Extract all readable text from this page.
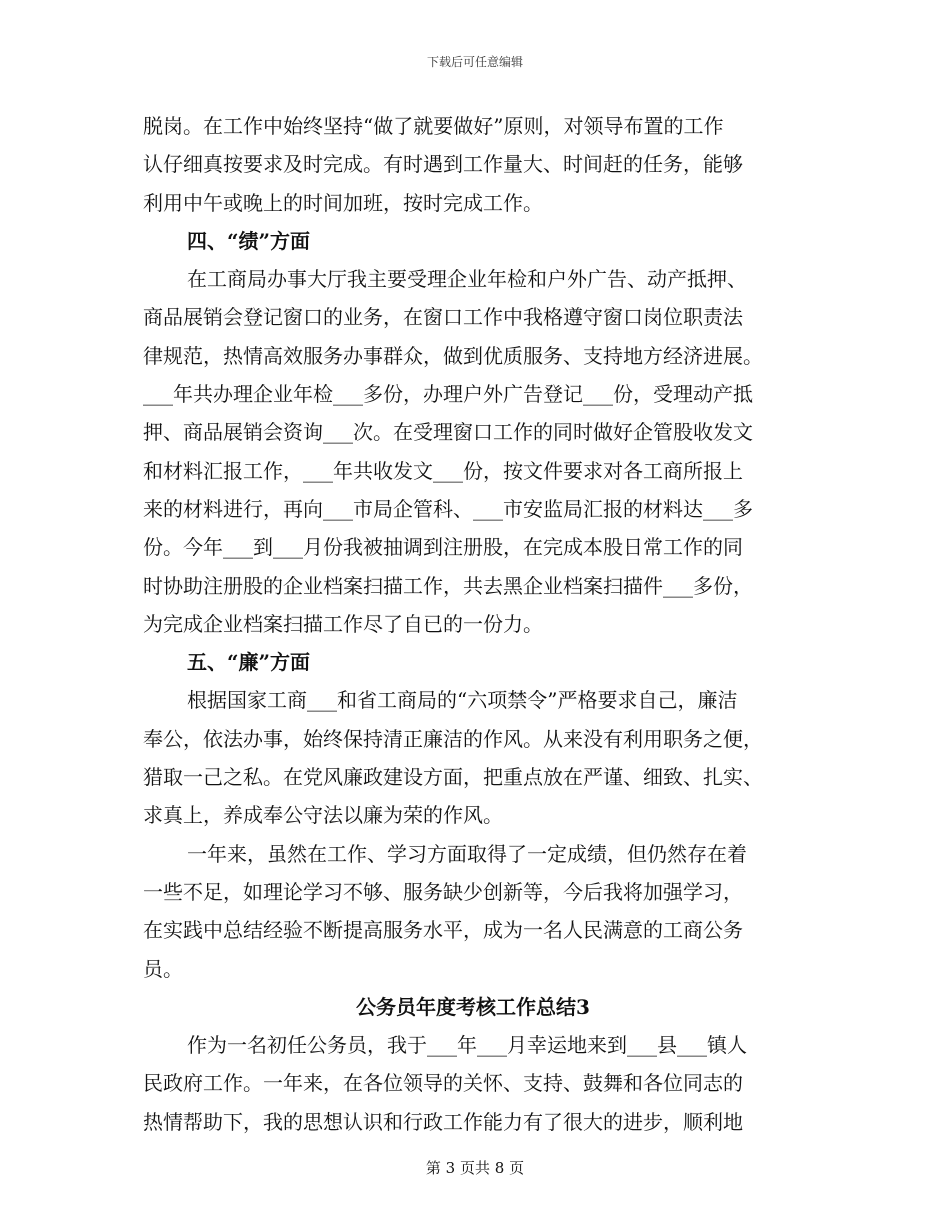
下载后可任意编辑
脱岗。在工作中始终坚持“做了就要做好”原则，对领导布置的工作
认仔细真按要求及时完成。有时遇到工作量大、时间赶的任务，能够
利用中午或晚上的时间加班，按时完成工作。
四、“绩”方面
在工商局办事大厅我主要受理企业年检和户外广告、动产抵押、
商品展销会登记窗口的业务，在窗口工作中我格遵守窗口岗位职责法
律规范，热情高效服务办事群众，做到优质服务、支持地方经济进展。
___年共办理企业年检___多份，办理户外广告登记___份，受理动产抵
押、商品展销会资询___次。在受理窗口工作的同时做好企管股收发文
和材料汇报工作，___年共收发文___份，按文件要求对各工商所报上
来的材料进行，再向___市局企管科、___市安监局汇报的材料达___多
份。今年___到___月份我被抽调到注册股，在完成本股日常工作的同
时协助注册股的企业档案扫描工作，共去黑企业档案扫描件___多份，
为完成企业档案扫描工作尽了自已的一份力。
五、“廉”方面
根据国家工商___和省工商局的“六项禁令”严格要求自己，廉洁
奉公，依法办事，始终保持清正廉洁的作风。从来没有利用职务之便，
猎取一己之私。在党风廉政建设方面，把重点放在严谨、细致、扎实、
求真上，养成奉公守法以廉为荣的作风。
一年来，虽然在工作、学习方面取得了一定成绩，但仍然存在着
一些不足，如理论学习不够、服务缺少创新等，今后我将加强学习，
在实践中总结经验不断提高服务水平，成为一名人民满意的工商公务
员。
公务员年度考核工作总结3
作为一名初任公务员，我于___年___月幸运地来到___县___镇人
民政府工作。一年来，在各位领导的关怀、支持、鼓舞和各位同志的
热情帮助下，我的思想认识和行政工作能力有了很大的进步，顺利地
第 3 页共 8 页
